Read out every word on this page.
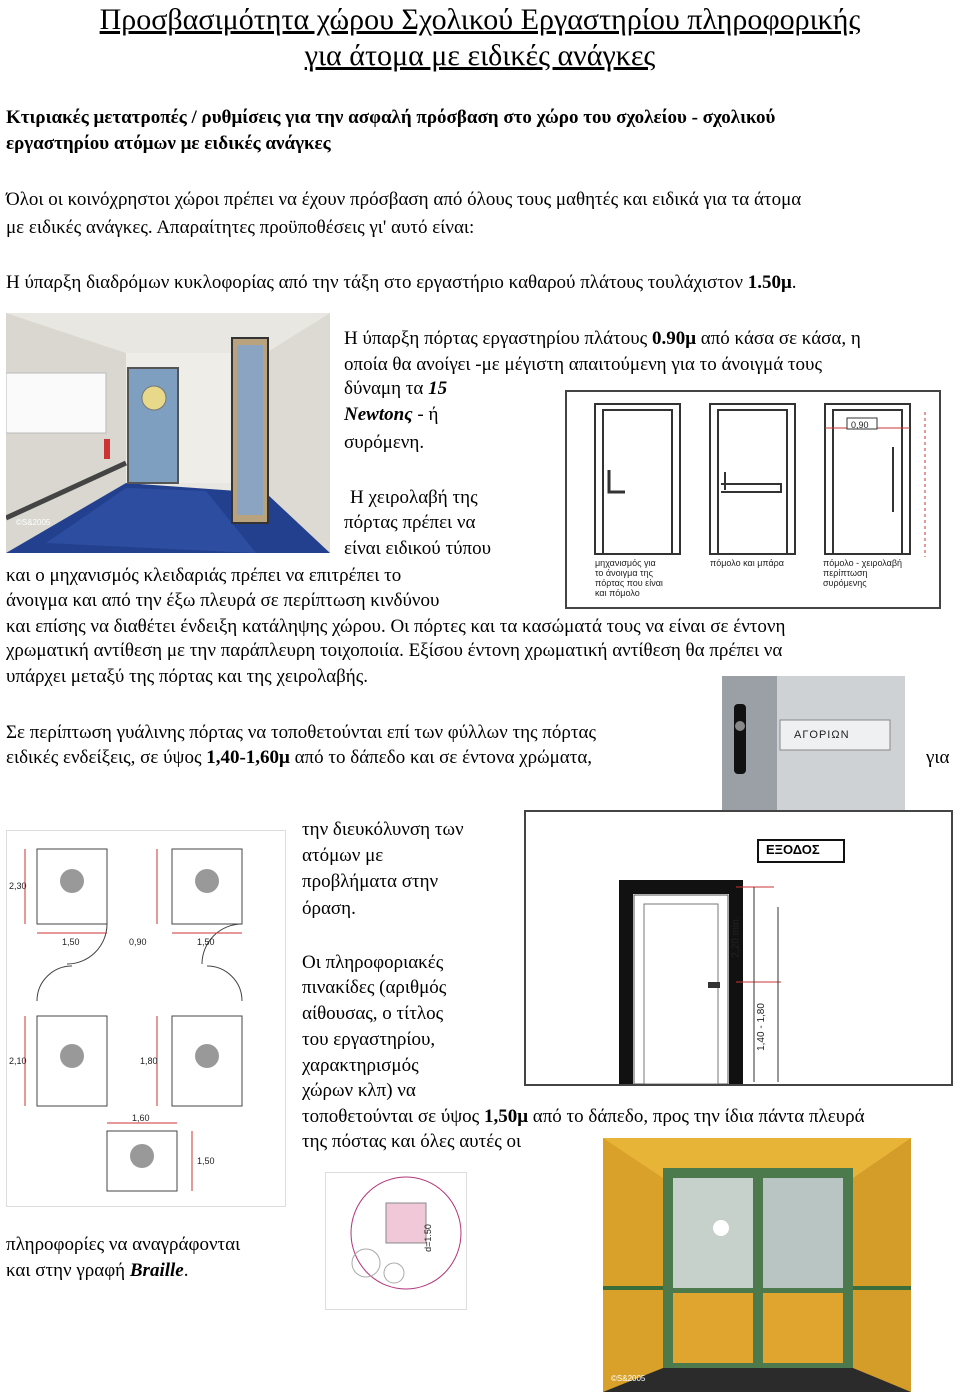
Προσβασιμότητα χώρου Σχολικού Εργαστηρίου πληροφορικής
για άτομα με ειδικές ανάγκες
Κτιριακές μετατροπές / ρυθμίσεις για την ασφαλή πρόσβαση στο χώρο του σχολείου - σχολικού
εργαστηρίου ατόμων με ειδικές ανάγκες
Όλοι οι κοινόχρηστοι χώροι πρέπει να έχουν πρόσβαση από όλους τους μαθητές και ειδικά για τα άτομα
με ειδικές ανάγκες. Απαραίτητες προϋποθέσεις γι' αυτό είναι:
Η ύπαρξη διαδρόμων κυκλοφορίας από την τάξη στο εργαστήριο καθαρού πλάτους τουλάχιστον 1.50μ.
©S&2005
Η ύπαρξη πόρτας εργαστηρίου πλάτους 0.90μ από κάσα σε κάσα, η
οποία θα ανοίγει -με μέγιστη απαιτούμενη για το άνοιγμά τους
δύναμη τα 15
Newtonς - ή
συρόμενη.
0,90
μηχανισμός για
το άνοιγμα της
πόρτας που είναι
και πόμολο
πόμολο και μπάρα	πόμολο - χειρολαβή
περίπτωση
συρόμενης
Η χειρολαβή της
πόρτας πρέπει να
είναι ειδικού τύπου
και ο μηχανισμός κλειδαριάς πρέπει να επιτρέπει το
άνοιγμα και από την έξω πλευρά σε περίπτωση κινδύνου
και επίσης να διαθέτει ένδειξη κατάληψης χώρου. Οι πόρτες και τα κασώματά τους να είναι σε έντονη
χρωματική αντίθεση με την παράπλευρη τοιχοποιία. Εξίσου έντονη χρωματική αντίθεση θα πρέπει να
υπάρχει μεταξύ της πόρτας και της χειρολαβής.
ΑΓΟΡΙΩΝ
Σε περίπτωση γυάλινης πόρτας να τοποθετούνται επί των φύλλων της πόρτας
ειδικές ενδείξεις, σε ύψος 1,40-1,60μ από το δάπεδο και σε έντονα χρώματα,	για
την διευκόλυνση των
ατόμων με
προβλήματα στην
όραση.
2,30
1,50	0,90	1,50
2,10	1,80
1,60
1,50
ΕΞΟΔΟΣ
2,20 min.
1,40 - 1,80
Οι πληροφοριακές
πινακίδες (αριθμός
αίθουσας, ο τίτλος
του εργαστηρίου,
χαρακτηρισμός
χώρων κλπ) να
τοποθετούνται σε ύψος 1,50μ από το δάπεδο, προς την ίδια πάντα πλευρά
της πόστας και όλες αυτές οι
d=1.50
πληροφορίες να αναγράφονται
και στην γραφή Braille.
©S&2005
